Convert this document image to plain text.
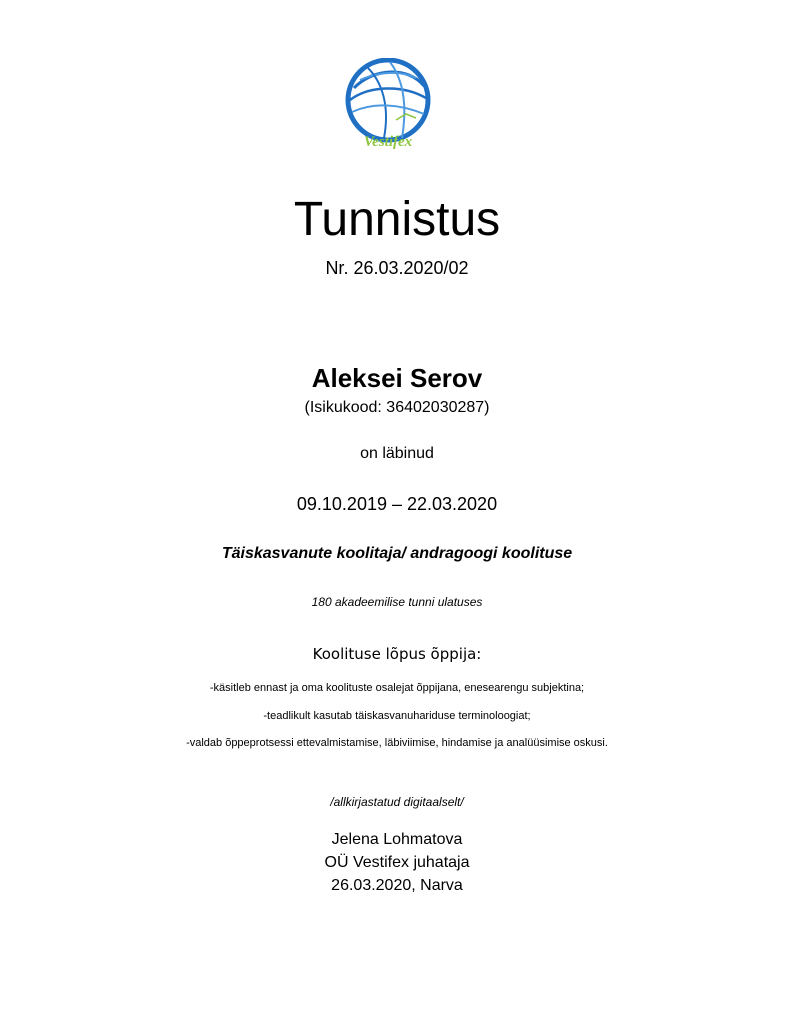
Vestifex
Tunnistus
Nr. 26.03.2020/02
Aleksei Serov
(Isikukood: 36402030287)
on läbinud
09.10.2019 – 22.03.2020
Täiskasvanute koolitaja/ andragoogi koolituse
180 akadeemilise tunni ulatuses
Koolituse lõpus õppija:
-käsitleb ennast ja oma koolituste osalejat õppijana, enesearengu subjektina;
-teadlikult kasutab täiskasvanuhariduse terminoloogiat;
-valdab õppeprotsessi ettevalmistamise, läbiviimise, hindamise ja analüüsimise oskusi.
/allkirjastatud digitaalselt/
Jelena Lohmatova
OÜ Vestifex juhataja
26.03.2020, Narva
